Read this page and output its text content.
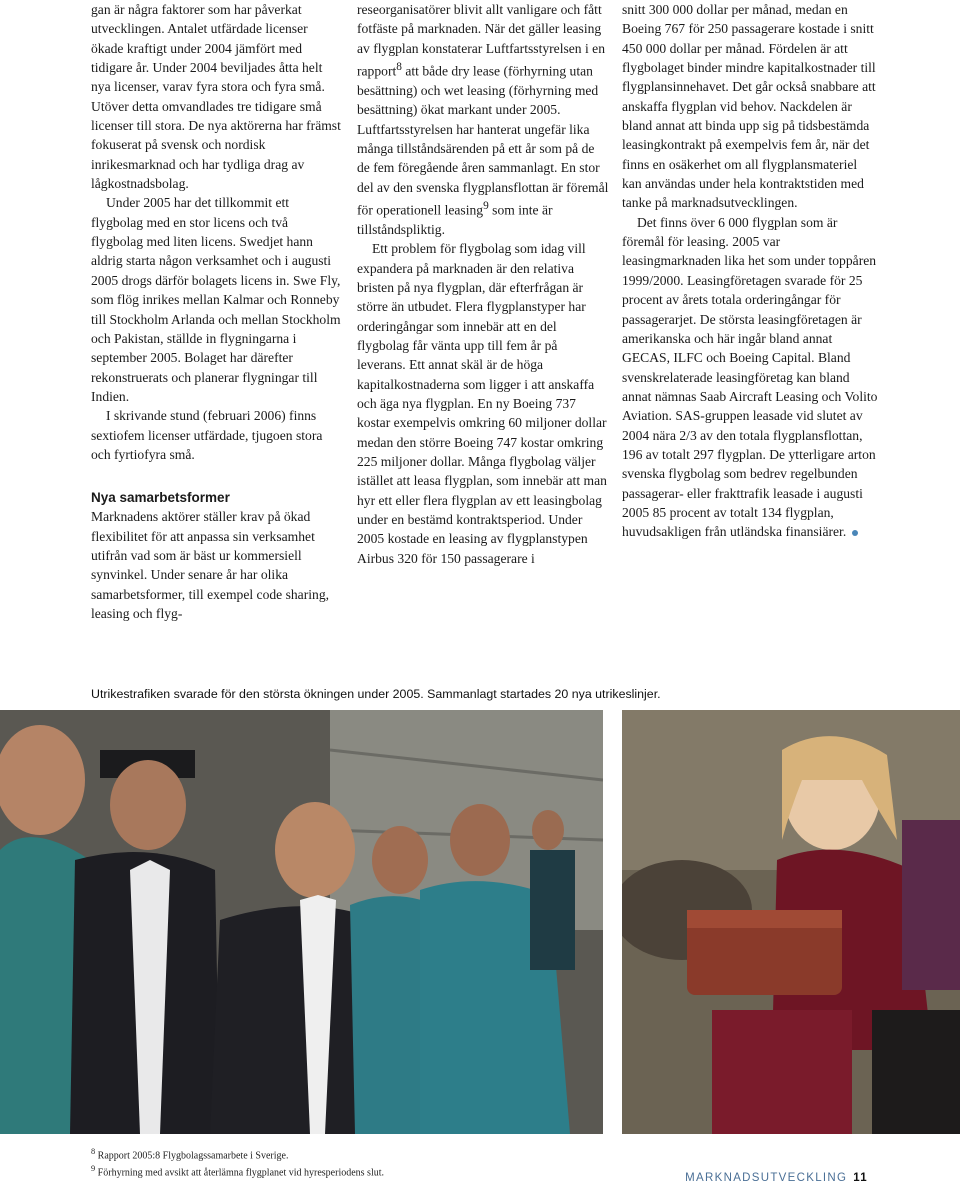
gan är några faktorer som har påverkat utvecklingen. Antalet utfärdade licenser ökade kraftigt under 2004 jämfört med tidigare år. Under 2004 beviljades åtta helt nya licenser, varav fyra stora och fyra små. Utöver detta omvandlades tre tidigare små licenser till stora. De nya aktörerna har främst fokuserat på svensk och nordisk inrikesmarknad och har tydliga drag av lågkostnadsbolag.

Under 2005 har det tillkommit ett flygbolag med en stor licens och två flygbolag med liten licens. Swedjet hann aldrig starta någon verksamhet och i augusti 2005 drogs därför bolagets licens in. Swe Fly, som flög inrikes mellan Kalmar och Ronneby till Stockholm Arlanda och mellan Stockholm och Pakistan, ställde in flygningarna i september 2005. Bolaget har därefter rekonstruerats och planerar flygningar till Indien.

I skrivande stund (februari 2006) finns sextiofem licenser utfärdade, tjugoen stora och fyrtiofyra små.

Nya samarbetsformer

Marknadens aktörer ställer krav på ökad flexibilitet för att anpassa sin verksamhet utifrån vad som är bäst ur kommersiell synvinkel. Under senare år har olika samarbetsformer, till exempel code sharing, leasing och flyg-

reseorganisatörer blivit allt vanligare och fått fotfäste på marknaden. När det gäller leasing av flygplan konstaterar Luftfartsstyrelsen i en rapport$^8$ att både dry lease (förhyrning utan besättning) och wet leasing (förhyrning med besättning) ökat markant under 2005. Luftfartsstyrelsen har hanterat ungefär lika många tillståndsärenden på ett år som på de de fem föregående åren sammanlagt. En stor del av den svenska flygplansflottan är föremål för operationell leasing$^9$ som inte är tillståndspliktig.

Ett problem för flygbolag som idag vill expandera på marknaden är den relativa bristen på nya flygplan, där efterfrågan är större än utbudet. Flera flygplanstyper har orderingångar som innebär att en del flygbolag får vänta upp till fem år på leverans. Ett annat skäl är de höga kapitalkostnaderna som ligger i att anskaffa och äga nya flygplan. En ny Boeing 737 kostar exempelvis omkring 60 miljoner dollar medan den större Boeing 747 kostar omkring 225 miljoner dollar. Många flygbolag väljer istället att leasa flygplan, som innebär att man hyr ett eller flera flygplan av ett leasingbolag under en bestämd kontraktsperiod. Under 2005 kostade en leasing av flygplanstypen Airbus 320 för 150 passagerare i

snitt 300 000 dollar per månad, medan en Boeing 767 för 250 passagerare kostade i snitt 450 000 dollar per månad. Fördelen är att flygbolaget binder mindre kapitalkostnader till flygplansinnehavet. Det går också snabbare att anskaffa flygplan vid behov. Nackdelen är bland annat att binda upp sig på tidsbestämda leasingkontrakt på exempelvis fem år, när det finns en osäkerhet om all flygplansmateriel kan användas under hela kontraktstiden med tanke på marknadsutvecklingen.

Det finns över 6 000 flygplan som är föremål för leasing. 2005 var leasingmarknaden lika het som under toppåren 1999/2000. Leasingföretagen svarade för 25 procent av årets totala orderingångar för passagerarjet. De största leasingföretagen är amerikanska och här ingår bland annat GECAS, ILFC och Boeing Capital. Bland svenskrelaterade leasingföretag kan bland annat nämnas Saab Aircraft Leasing och Volito Aviation. SAS-gruppen leasade vid slutet av 2004 nära 2/3 av den totala flygplansflottan, 196 av totalt 297 flygplan. De ytterligare arton svenska flygbolag som bedrev regelbunden passagerar- eller frakttrafik leasade i augusti 2005 85 procent av totalt 134 flygplan, huvudsakligen från utländska finansiärer.

Utrikestrafiken svarade för den största ökningen under 2005. Sammanlagt startades 20 nya utrikeslinjer.

$^8$ Rapport 2005:8 Flygbolagssamarbete i Sverige.

$^9$ Förhyrning med avsikt att återlämna flygplanet vid hyresperiodens slut.	MARKNADSUTVECKLING 11
